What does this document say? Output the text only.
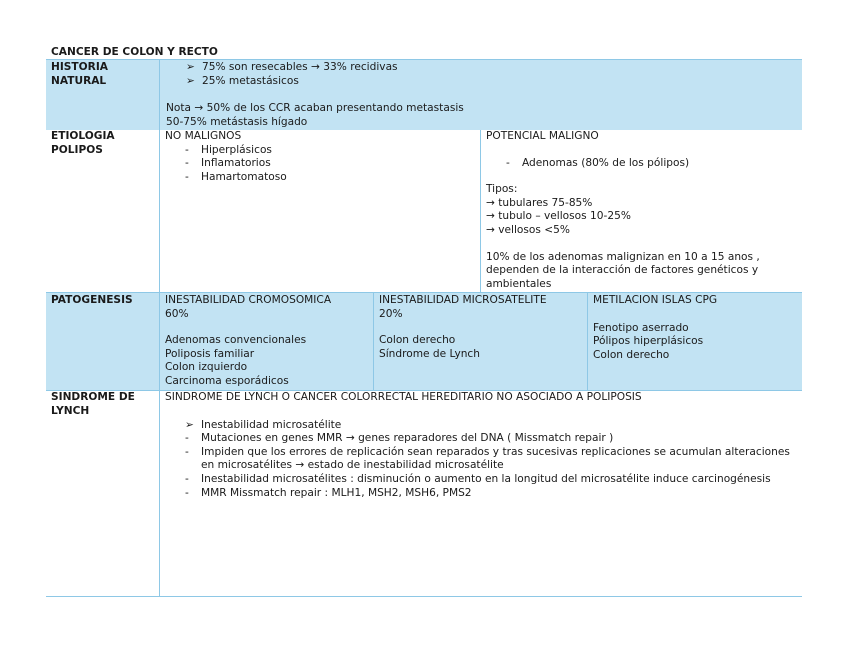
CANCER DE COLON Y RECTO
HISTORIA NATURAL
➢ 75% son resecables → 33% recidivas
➢ 25% metastásicos
Nota → 50% de los CCR acaban presentando metastasis
50-75% metástasis hígado
ETIOLOGIA POLIPOS
NO MALIGNOS
- Hiperplásicos
- Inflamatorios
- Hamartomatoso
POTENCIAL MALIGNO
- Adenomas (80% de los pólipos)
Tipos:
→ tubulares 75-85%
→ tubulo – vellosos 10-25%
→ vellosos <5%
10% de los adenomas malignizan en 10 a 15 anos , dependen de la interacción de factores genéticos y ambientales
PATOGENESIS	INESTABILIDAD CROMOSOMICA
60%
Adenomas convencionales
Poliposis familiar
Colon izquierdo
Carcinoma esporádicos
INESTABILIDAD MICROSATELITE
20%
Colon derecho
Síndrome de Lynch
METILACION ISLAS CPG
Fenotipo aserrado
Pólipos hiperplásicos
Colon derecho
SINDROME DE LYNCH
SINDROME DE LYNCH O CANCER COLORRECTAL HEREDITARIO NO ASOCIADO A POLIPOSIS
➢ Inestabilidad microsatélite
- Mutaciones en genes MMR → genes reparadores del DNA ( Missmatch repair )
- Impiden que los errores de replicación sean reparados y tras sucesivas replicaciones se acumulan alteraciones en microsatélites → estado de inestabilidad microsatélite
- Inestabilidad microsatélites : disminución o aumento en la longitud del microsatélite induce carcinogénesis
- MMR Missmatch repair : MLH1, MSH2, MSH6, PMS2
